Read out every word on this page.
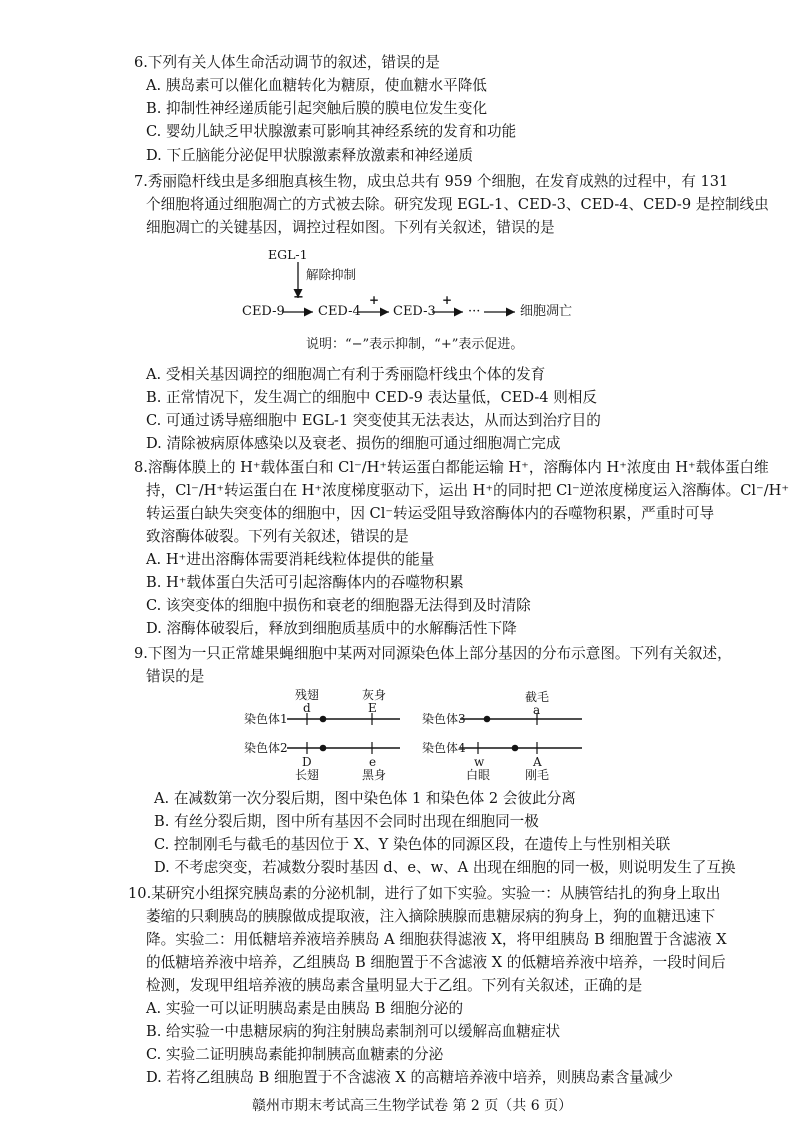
6.下列有关人体生命活动调节的叙述，错误的是
A. 胰岛素可以催化血糖转化为糖原，使血糖水平降低
B. 抑制性神经递质能引起突触后膜的膜电位发生变化
C. 婴幼儿缺乏甲状腺激素可影响其神经系统的发育和功能
D. 下丘脑能分泌促甲状腺激素释放激素和神经递质
7.秀丽隐杆线虫是多细胞真核生物，成虫总共有 959 个细胞，在发育成熟的过程中，有 131
个细胞将通过细胞凋亡的方式被去除。研究发现 EGL-1、CED-3、CED-4、CED-9 是控制线虫
细胞凋亡的关键基因，调控过程如图。下列有关叙述，错误的是
EGL-1
解除抑制
−	+	+
CED-9	CED-4 CED-3 ···	细胞凋亡
说明：“−”表示抑制，“+”表示促进。
A. 受相关基因调控的细胞凋亡有利于秀丽隐杆线虫个体的发育
B. 正常情况下，发生凋亡的细胞中 CED-9 表达量低，CED-4 则相反
C. 可通过诱导癌细胞中 EGL-1 突变使其无法表达，从而达到治疗目的
D. 清除被病原体感染以及衰老、损伤的细胞可通过细胞凋亡完成
8.溶酶体膜上的 H⁺载体蛋白和 Cl⁻/H⁺转运蛋白都能运输 H⁺，溶酶体内 H⁺浓度由 H⁺载体蛋白维
持，Cl⁻/H⁺转运蛋白在 H⁺浓度梯度驱动下，运出 H⁺的同时把 Cl⁻逆浓度梯度运入溶酶体。Cl⁻/H⁺
转运蛋白缺失突变体的细胞中，因 Cl⁻转运受阻导致溶酶体内的吞噬物积累，严重时可导
致溶酶体破裂。下列有关叙述，错误的是
A. H⁺进出溶酶体需要消耗线粒体提供的能量
B. H⁺载体蛋白失活可引起溶酶体内的吞噬物积累
C. 该突变体的细胞中损伤和衰老的细胞器无法得到及时清除
D. 溶酶体破裂后，释放到细胞质基质中的水解酶活性下降
9.下图为一只正常雄果蝇细胞中某两对同源染色体上部分基因的分布示意图。下列有关叙述，
错误的是
残翅
d
灰身
E
染色体1
染色体2
D
长翅
e
黑身
截毛
a
染色体3
染色体4
w
白眼
A
刚毛
A. 在减数第一次分裂后期，图中染色体 1 和染色体 2 会彼此分离
B. 有丝分裂后期，图中所有基因不会同时出现在细胞同一极
C. 控制刚毛与截毛的基因位于 X、Y 染色体的同源区段，在遗传上与性别相关联
D. 不考虑突变，若减数分裂时基因 d、e、w、A 出现在细胞的同一极，则说明发生了互换
10.某研究小组探究胰岛素的分泌机制，进行了如下实验。实验一：从胰管结扎的狗身上取出
萎缩的只剩胰岛的胰腺做成提取液，注入摘除胰腺而患糖尿病的狗身上，狗的血糖迅速下
降。实验二：用低糖培养液培养胰岛 A 细胞获得滤液 X，将甲组胰岛 B 细胞置于含滤液 X
的低糖培养液中培养，乙组胰岛 B 细胞置于不含滤液 X 的低糖培养液中培养，一段时间后
检测，发现甲组培养液的胰岛素含量明显大于乙组。下列有关叙述，正确的是
A. 实验一可以证明胰岛素是由胰岛 B 细胞分泌的
B. 给实验一中患糖尿病的狗注射胰岛素制剂可以缓解高血糖症状
C. 实验二证明胰岛素能抑制胰高血糖素的分泌
D. 若将乙组胰岛 B 细胞置于不含滤液 X 的高糖培养液中培养，则胰岛素含量减少
赣州市期末考试高三生物学试卷 第 2 页（共 6 页）
